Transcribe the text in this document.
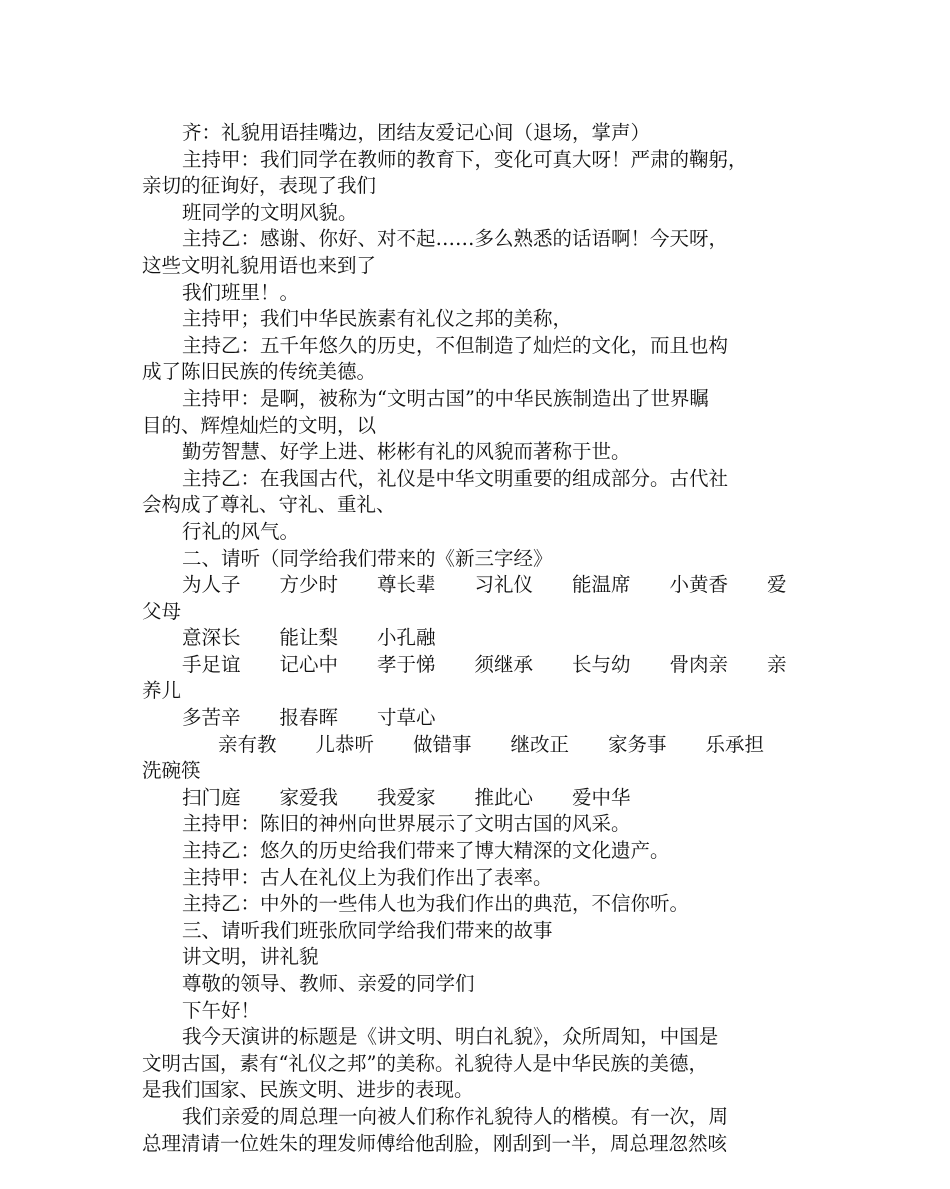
齐：礼貌用语挂嘴边，团结友爱记心间（退场，掌声）
主持甲：我们同学在教师的教育下，变化可真大呀！严肃的鞠躬，
亲切的征询好，表现了我们
班同学的文明风貌。
主持乙：感谢、你好、对不起……多么熟悉的话语啊！今天呀，
这些文明礼貌用语也来到了
我们班里！。
主持甲；我们中华民族素有礼仪之邦的美称，
主持乙：五千年悠久的历史，不但制造了灿烂的文化，而且也构
成了陈旧民族的传统美德。
主持甲：是啊，被称为“文明古国”的中华民族制造出了世界瞩
目的、辉煌灿烂的文明，以
勤劳智慧、好学上进、彬彬有礼的风貌而著称于世。
主持乙：在我国古代，礼仪是中华文明重要的组成部分。古代社
会构成了尊礼、守礼、重礼、
行礼的风气。
二、请听（同学给我们带来的《新三字经》
为人子　　方少时　　尊长辈　　习礼仪　　能温席　　小黄香　　爱
父母
意深长　　能让梨　　小孔融
手足谊　　记心中　　孝于悌　　须继承　　长与幼　　骨肉亲　　亲
养儿
多苦辛　　报春晖　　寸草心
亲有教　　儿恭听　　做错事　　继改正　　家务事　　乐承担
洗碗筷
扫门庭　　家爱我　　我爱家　　推此心　　爱中华
主持甲：陈旧的神州向世界展示了文明古国的风采。
主持乙：悠久的历史给我们带来了博大精深的文化遗产。
主持甲：古人在礼仪上为我们作出了表率。
主持乙：中外的一些伟人也为我们作出的典范，不信你听。
三、请听我们班张欣同学给我们带来的故事
讲文明，讲礼貌
尊敬的领导、教师、亲爱的同学们
下午好！
我今天演讲的标题是《讲文明、明白礼貌》，众所周知，中国是
文明古国，素有“礼仪之邦”的美称。礼貌待人是中华民族的美德，
是我们国家、民族文明、进步的表现。
我们亲爱的周总理一向被人们称作礼貌待人的楷模。有一次，周
总理清请一位姓朱的理发师傅给他刮脸，刚刮到一半，周总理忽然咳
